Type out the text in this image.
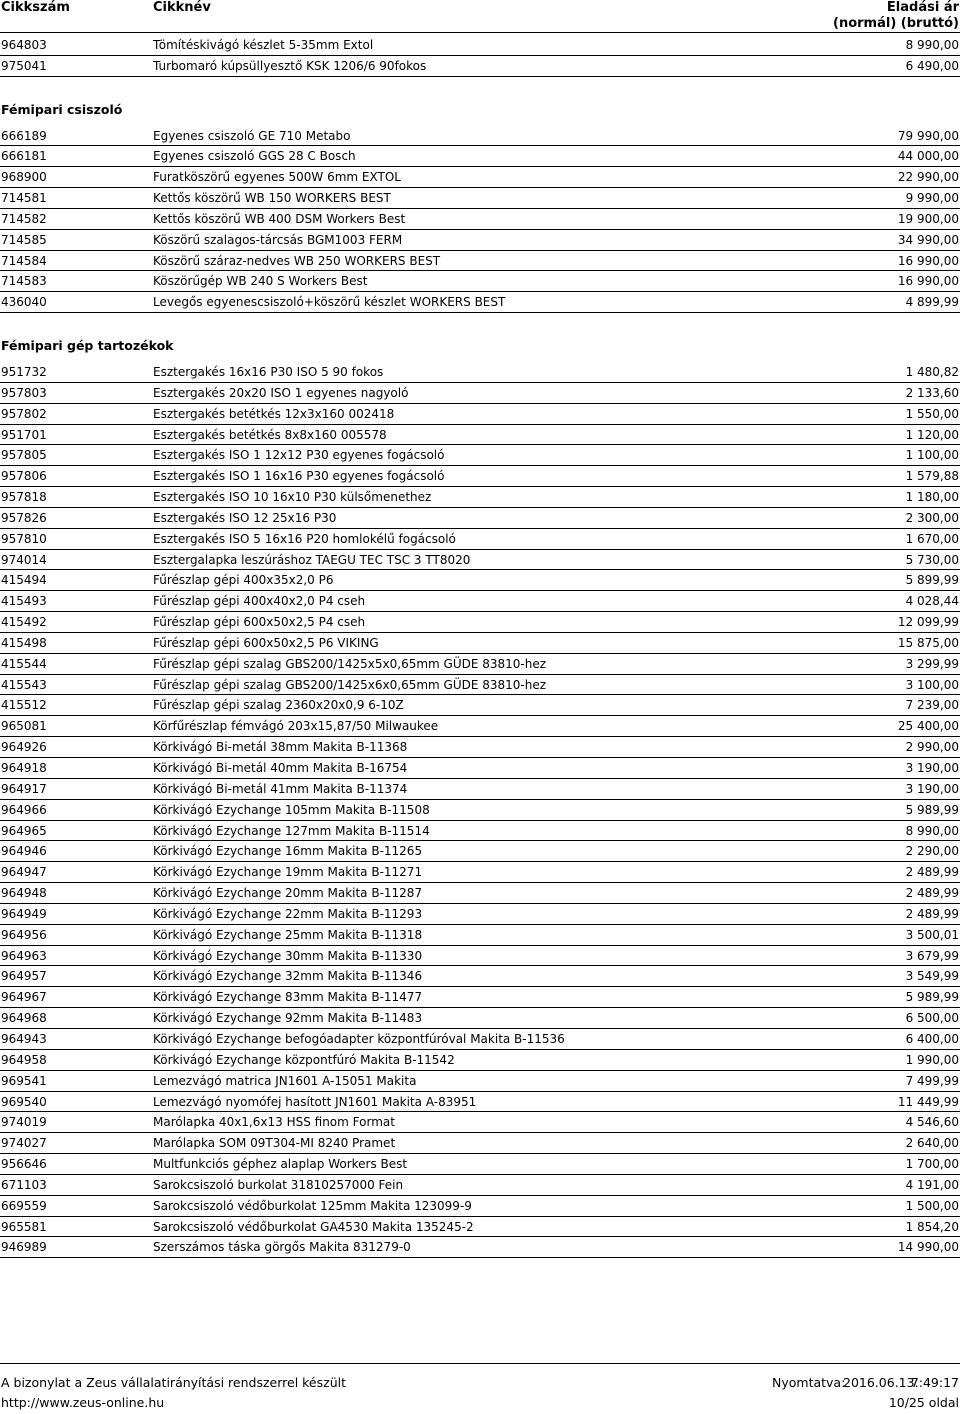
Cikkszám	Cikknév	Eladási ár
(normál) (bruttó)
964803	Tömítéskivágó készlet 5-35mm Extol	8 990,00
975041	Turbomaró kúpsüllyesztő KSK 1206/6 90fokos	6 490,00
Fémipari csiszoló
666189	Egyenes csiszoló GE 710 Metabo	79 990,00
666181	Egyenes csiszoló GGS 28 C Bosch	44 000,00
968900	Furatköszörű egyenes 500W 6mm EXTOL	22 990,00
714581	Kettős köszörű WB 150 WORKERS BEST	9 990,00
714582	Kettős köszörű WB 400 DSM Workers Best	19 900,00
714585	Köszörű szalagos-tárcsás BGM1003 FERM	34 990,00
714584	Köszörű száraz-nedves WB 250 WORKERS BEST	16 990,00
714583	Köszörűgép WB 240 S Workers Best	16 990,00
436040	Levegős egyenescsiszoló+köszörű készlet WORKERS BEST	4 899,99
Fémipari gép tartozékok
951732	Esztergakés 16x16 P30 ISO 5 90 fokos	1 480,82
957803	Esztergakés 20x20 ISO 1 egyenes nagyoló	2 133,60
957802	Esztergakés betétkés 12x3x160 002418	1 550,00
951701	Esztergakés betétkés 8x8x160 005578	1 120,00
957805	Esztergakés ISO 1 12x12 P30 egyenes fogácsoló	1 100,00
957806	Esztergakés ISO 1 16x16 P30 egyenes fogácsoló	1 579,88
957818	Esztergakés ISO 10 16x10 P30 külsőmenethez	1 180,00
957826	Esztergakés ISO 12 25x16 P30	2 300,00
957810	Esztergakés ISO 5 16x16 P20 homlokélű fogácsoló	1 670,00
974014	Esztergalapka leszúráshoz TAEGU TEC TSC 3 TT8020	5 730,00
415494	Fűrészlap gépi 400x35x2,0 P6	5 899,99
415493	Fűrészlap gépi 400x40x2,0 P4 cseh	4 028,44
415492	Fűrészlap gépi 600x50x2,5 P4 cseh	12 099,99
415498	Fűrészlap gépi 600x50x2,5 P6 VIKING	15 875,00
415544	Fűrészlap gépi szalag GBS200/1425x5x0,65mm GÜDE 83810-hez	3 299,99
415543	Fűrészlap gépi szalag GBS200/1425x6x0,65mm GÜDE 83810-hez	3 100,00
415512	Fűrészlap gépi szalag 2360x20x0,9 6-10Z	7 239,00
965081	Körfűrészlap fémvágó 203x15,87/50 Milwaukee	25 400,00
964926	Körkivágó Bi-metál 38mm Makita B-11368	2 990,00
964918	Körkivágó Bi-metál 40mm Makita B-16754	3 190,00
964917	Körkivágó Bi-metál 41mm Makita B-11374	3 190,00
964966	Körkivágó Ezychange 105mm Makita B-11508	5 989,99
964965	Körkivágó Ezychange 127mm Makita B-11514	8 990,00
964946	Körkivágó Ezychange 16mm Makita B-11265	2 290,00
964947	Körkivágó Ezychange 19mm Makita B-11271	2 489,99
964948	Körkivágó Ezychange 20mm Makita B-11287	2 489,99
964949	Körkivágó Ezychange 22mm Makita B-11293	2 489,99
964956	Körkivágó Ezychange 25mm Makita B-11318	3 500,01
964963	Körkivágó Ezychange 30mm Makita B-11330	3 679,99
964957	Körkivágó Ezychange 32mm Makita B-11346	3 549,99
964967	Körkivágó Ezychange 83mm Makita B-11477	5 989,99
964968	Körkivágó Ezychange 92mm Makita B-11483	6 500,00
964943	Körkivágó Ezychange befogóadapter központfúróval Makita B-11536	6 400,00
964958	Körkivágó Ezychange központfúró Makita B-11542	1 990,00
969541	Lemezvágó matrica JN1601 A-15051 Makita	7 499,99
969540	Lemezvágó nyomófej hasított JN1601 Makita A-83951	11 449,99
974019	Marólapka 40x1,6x13 HSS finom Format	4 546,60
974027	Marólapka SOM 09T304-MI 8240 Pramet	2 640,00
956646	Multfunkciós géphez alaplap Workers Best	1 700,00
671103	Sarokcsiszoló burkolat 31810257000 Fein	4 191,00
669559	Sarokcsiszoló védőburkolat 125mm Makita 123099-9	1 500,00
965581	Sarokcsiszoló védőburkolat GA4530 Makita 135245-2	1 854,20
946989	Szerszámos táska görgős Makita 831279-0	14 990,00
A bizonylat a Zeus vállalatirányítási rendszerrel készült	Nyomtatva:
2016.06.13.
7:49:17
http://www.zeus-online.hu	10/25 oldal
